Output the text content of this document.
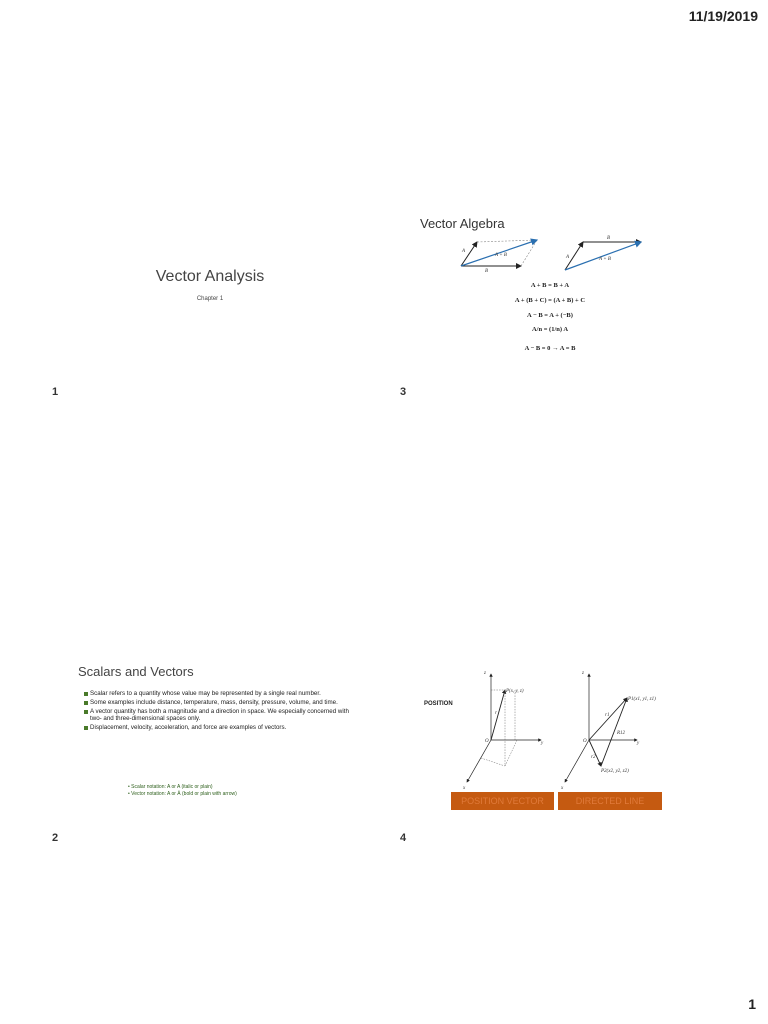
11/19/2019
1
Vector Analysis
Chapter 1
1
Vector Algebra
A
B
A + B	A
B
A + B
A + B = B + A
A + (B + C) = (A + B) + C
A − B = A + (−B)
A/n = (1/n) A
A − B = 0 → A = B
3
Scalars and Vectors
Scalar refers to a quantity whose value may be represented by a single real number.
Some examples include distance, temperature, mass, density, pressure, volume, and time.
A vector quantity has both a magnitude and a direction in space. We especially concerned with two- and three-dimensional spaces only.
Displacement, velocity, acceleration, and force are examples of vectors.
• Scalar notation: A or A (italic or plain)
• Vector notation: A or Ā (bold or plain with arrow)
2
POSITION
z
y
x
O
P(x, y, z)
r
z
y
x
O
P1(x1, y1, z1)
P2(x2, y2, z2)
r1
r2
R12
POSITION VECTOR	DIRECTED LINE
4
